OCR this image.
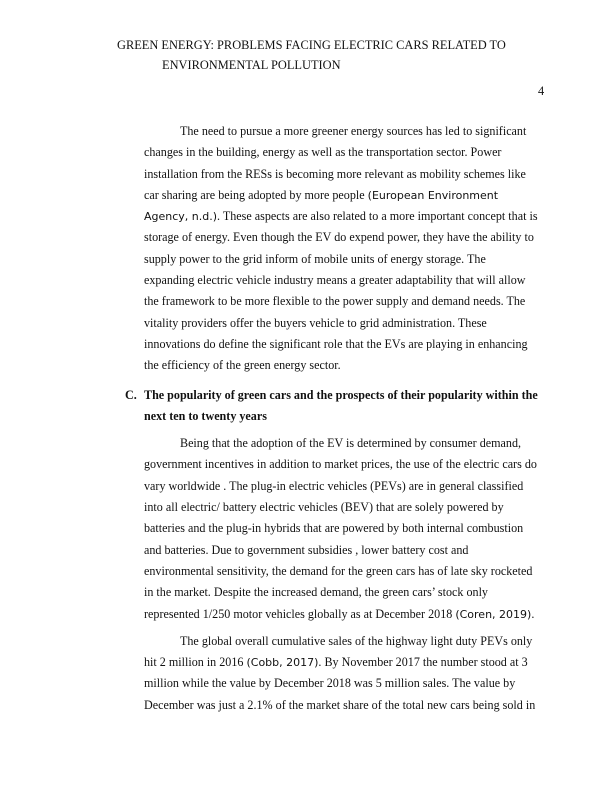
GREEN ENERGY: PROBLEMS FACING ELECTRIC CARS RELATED TO
ENVIRONMENTAL POLLUTION
4

The need to pursue a more greener energy sources has led to significant changes in the building, energy as well as the transportation sector. Power installation from the RESs is becoming more relevant as mobility schemes like car sharing are being adopted by more people (European Environment Agency, n.d.). These aspects are also related to a more important concept that is storage of energy. Even though the EV do expend power, they have the ability to supply power to the grid inform of mobile units of energy storage. The expanding electric vehicle industry means a greater adaptability that will allow the framework to be more flexible to the power supply and demand needs. The vitality providers offer the buyers vehicle to grid administration. These innovations do define the significant role that the EVs are playing in enhancing the efficiency of the green energy sector.

C. The popularity of green cars and the prospects of their popularity within the next ten to twenty years

Being that the adoption of the EV is determined by consumer demand, government incentives in addition to market prices, the use of the electric cars do vary worldwide . The plug-in electric vehicles (PEVs) are in general classified into all electric/ battery electric vehicles (BEV) that are solely powered by batteries and the plug-in hybrids that are powered by both internal combustion and batteries. Due to government subsidies , lower battery cost and environmental sensitivity, the demand for the green cars has of late sky rocketed in the market. Despite the increased demand, the green cars’ stock only represented 1/250 motor vehicles globally as at December 2018 (Coren, 2019).

The global overall cumulative sales of the highway light duty PEVs only hit 2 million in 2016 (Cobb, 2017). By November 2017 the number stood at 3 million while the value by December 2018 was 5 million sales. The value by December was just a 2.1% of the market share of the total new cars being sold in
